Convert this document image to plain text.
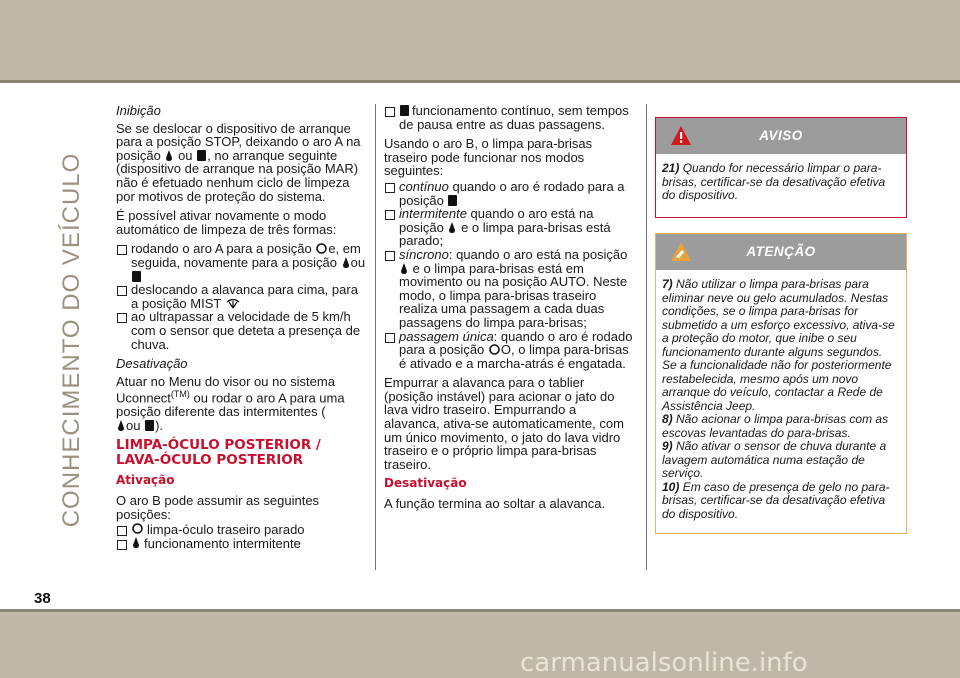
CONHECIMENTO DO VEÍCULO
Inibição

Se se deslocar o dispositivo de arranque para a posição STOP, deixando o aro A na posição ou , no arranque seguinte (dispositivo de arranque na posição MAR) não é efetuado nenhum ciclo de limpeza por motivos de proteção do sistema.

É possível ativar novamente o modo automático de limpeza de três formas:

rodando o aro A para a posição e, em seguida, novamente para a posição ou
deslocando a alavanca para cima, para a posição MIST
ao ultrapassar a velocidade de 5 km/h com o sensor que deteta a presença de chuva.
Desativação

Atuar no Menu do visor ou no sistema Uconnect$^{(TM)}$ ou rodar o aro A para uma posição diferente das intermitentes (
ou ).

LIMPA-ÓCULO POSTERIOR /
LAVA-ÓCULO POSTERIOR
Ativação

O aro B pode assumir as seguintes posições:

limpa-óculo traseiro parado
funcionamento intermitente
funcionamento contínuo, sem tempos de pausa entre as duas passagens.

Usando o aro B, o limpa para-brisas traseiro pode funcionar nos modos seguintes:

contínuo quando o aro é rodado para a posição
intermitente quando o aro está na posição e o limpa para-brisas está parado;
síncrono: quando o aro está na posição  e o limpa para-brisas está em movimento ou na posição AUTO. Neste modo, o limpa para-brisas traseiro realiza uma passagem a cada duas passagens do limpa para-brisas;
passagem única: quando o aro é rodado para a posição O, o limpa para-brisas é ativado e a marcha-atrás é engatada.

Empurrar a alavanca para o tablier (posição instável) para acionar o jato do lava vidro traseiro. Empurrando a alavanca, ativa-se automaticamente, com um único movimento, o jato do lava vidro traseiro e o próprio limpa para-brisas traseiro.

Desativação

A função termina ao soltar a alavanca.

AVISO
21) Quando for necessário limpar o para-brisas, certificar-se da desativação efetiva do dispositivo.
ATENÇÃO
7) Não utilizar o limpa para-brisas para eliminar neve ou gelo acumulados. Nestas condições, se o limpa para-brisas for submetido a um esforço excessivo, ativa-se a proteção do motor, que inibe o seu funcionamento durante alguns segundos. Se a funcionalidade não for posteriormente restabelecida, mesmo após um novo arranque do veículo, contactar a Rede de Assistência Jeep.
8) Não acionar o limpa para-brisas com as escovas levantadas do para-brisas.
9) Não ativar o sensor de chuva durante a lavagem automática numa estação de serviço.
10) Em caso de presença de gelo no para-brisas, certificar-se da desativação efetiva do dispositivo.
38
carmanualsonline.info
